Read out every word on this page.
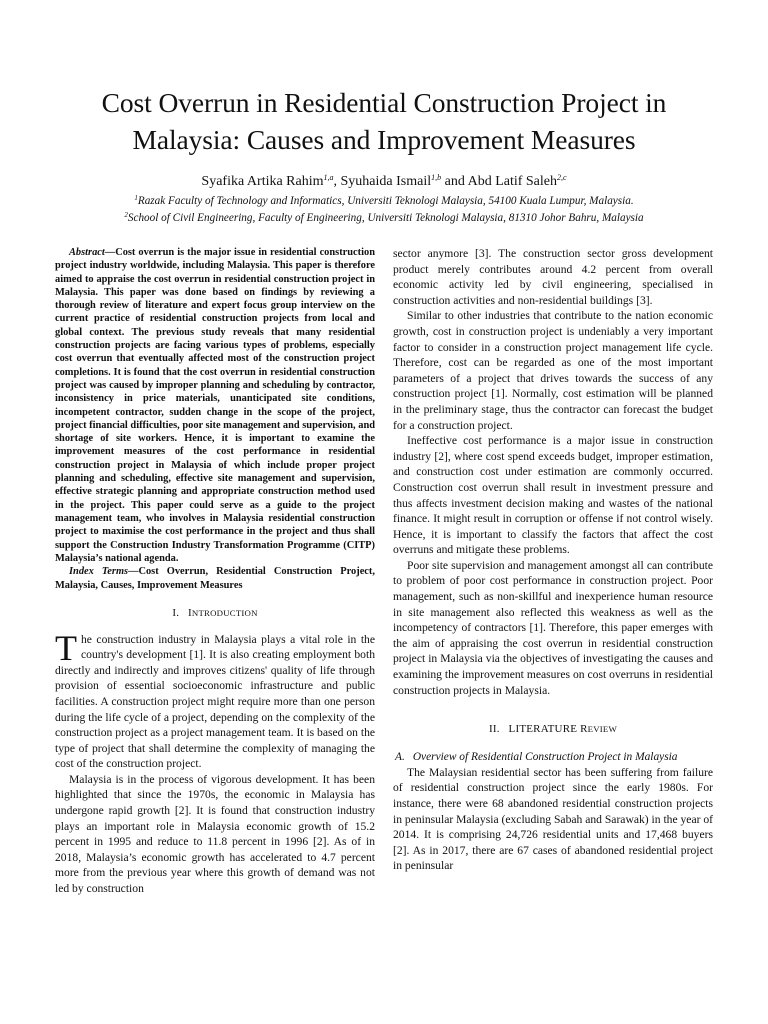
Cost Overrun in Residential Construction Project in Malaysia: Causes and Improvement Measures
Syafika Artika Rahim$^{1,a}$, Syuhaida Ismail$^{1,b}$ and Abd Latif Saleh$^{2,c}$
$^1$Razak Faculty of Technology and Informatics, Universiti Teknologi Malaysia, 54100 Kuala Lumpur, Malaysia.
$^2$School of Civil Engineering, Faculty of Engineering, Universiti Teknologi Malaysia, 81310 Johor Bahru, Malaysia

Abstract—Cost overrun is the major issue in residential construction project industry worldwide, including Malaysia. This paper is therefore aimed to appraise the cost overrun in residential construction project in Malaysia. This paper was done based on findings by reviewing a thorough review of literature and expert focus group interview on the current practice of residential construction projects from local and global context. The previous study reveals that many residential construction projects are facing various types of problems, especially cost overrun that eventually affected most of the construction project completions. It is found that the cost overrun in residential construction project was caused by improper planning and scheduling by contractor, inconsistency in price materials, unanticipated site conditions, incompetent contractor, sudden change in the scope of the project, project financial difficulties, poor site management and supervision, and shortage of site workers. Hence, it is important to examine the improvement measures of the cost performance in residential construction project in Malaysia of which include proper project planning and scheduling, effective site management and supervision, effective strategic planning and appropriate construction method used in the project. This paper could serve as a guide to the project management team, who involves in Malaysia residential construction project to maximise the cost performance in the project and thus shall support the Construction Industry Transformation Programme (CITP) Malaysia’s national agenda.

Index Terms—Cost Overrun, Residential Construction Project, Malaysia, Causes, Improvement Measures

I. INTRODUCTION

The construction industry in Malaysia plays a vital role in the country's development [1]. It is also creating employment both directly and indirectly and improves citizens' quality of life through provision of essential socioeconomic infrastructure and public facilities. A construction project might require more than one person during the life cycle of a project, depending on the complexity of the construction project as a project management team. It is based on the type of project that shall determine the complexity of managing the cost of the construction project.

Malaysia is in the process of vigorous development. It has been highlighted that since the 1970s, the economic in Malaysia has undergone rapid growth [2]. It is found that construction industry plays an important role in Malaysia economic growth of 15.2 percent in 1995 and reduce to 11.8 percent in 1996 [2]. As of in 2018, Malaysia’s economic growth has accelerated to 4.7 percent more from the previous year where this growth of demand was not led by construction

sector anymore [3]. The construction sector gross development product merely contributes around 4.2 percent from overall economic activity led by civil engineering, specialised in construction activities and non-residential buildings [3].

Similar to other industries that contribute to the nation economic growth, cost in construction project is undeniably a very important factor to consider in a construction project management life cycle. Therefore, cost can be regarded as one of the most important parameters of a project that drives towards the success of any construction project [1]. Normally, cost estimation will be planned in the preliminary stage, thus the contractor can forecast the budget for a construction project.

Ineffective cost performance is a major issue in construction industry [2], where cost spend exceeds budget, improper estimation, and construction cost under estimation are commonly occurred. Construction cost overrun shall result in investment pressure and thus affects investment decision making and wastes of the national finance. It might result in corruption or offense if not control wisely. Hence, it is important to classify the factors that affect the cost overruns and mitigate these problems.

Poor site supervision and management amongst all can contribute to problem of poor cost performance in construction project. Poor management, such as non-skillful and inexperience human resource in site management also reflected this weakness as well as the incompetency of contractors [1]. Therefore, this paper emerges with the aim of appraising the cost overrun in residential construction project in Malaysia via the objectives of investigating the causes and examining the improvement measures on cost overruns in residential construction projects in Malaysia.

II. LITERATURE REVIEW

A. Overview of Residential Construction Project in Malaysia

The Malaysian residential sector has been suffering from failure of residential construction project since the early 1980s. For instance, there were 68 abandoned residential construction projects in peninsular Malaysia (excluding Sabah and Sarawak) in the year of 2014. It is comprising 24,726 residential units and 17,468 buyers [2]. As in 2017, there are 67 cases of abandoned residential project in peninsular
